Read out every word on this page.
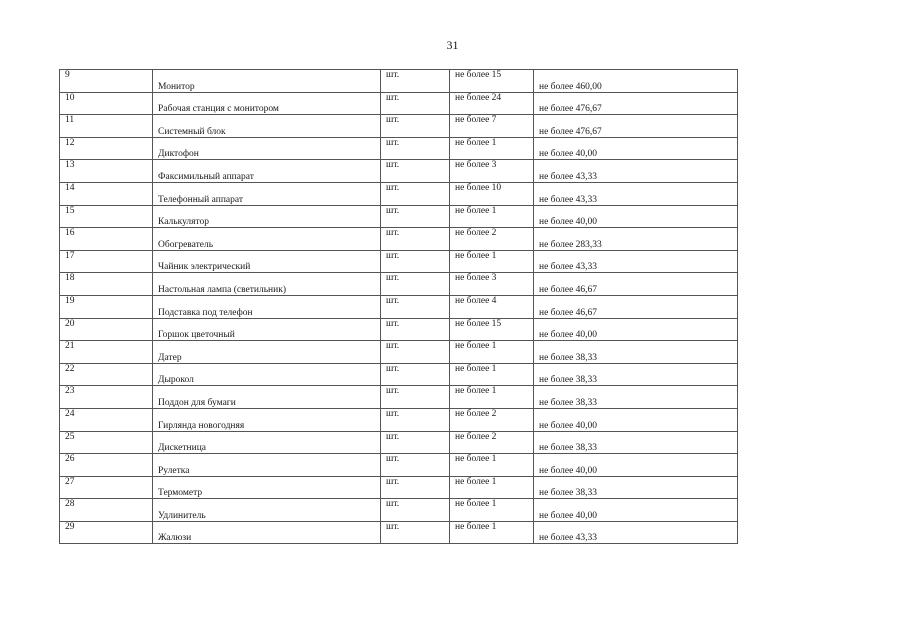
31
9	Монитор	шт.	не более 15	не более 460,00
10	Рабочая станция с монитором	шт.	не более 24	не более 476,67
11	Системный блок	шт.	не более 7	не более 476,67
12	Диктофон	шт.	не более 1	не более 40,00
13	Факсимильный аппарат	шт.	не более 3	не более 43,33
14	Телефонный аппарат	шт.	не более 10	не более 43,33
15	Калькулятор	шт.	не более 1	не более 40,00
16	Обогреватель	шт.	не более 2	не более 283,33
17	Чайник электрический	шт.	не более 1	не более 43,33
18	Настольная лампа (светильник)	шт.	не более 3	не более 46,67
19	Подставка под телефон	шт.	не более 4	не более 46,67
20	Горшок цветочный	шт.	не более 15	не более 40,00
21	Датер	шт.	не более 1	не более 38,33
22	Дырокол	шт.	не более 1	не более 38,33
23	Поддон для бумаги	шт.	не более 1	не более 38,33
24	Гирлянда новогодняя	шт.	не более 2	не более 40,00
25	Дискетница	шт.	не более 2	не более 38,33
26	Рулетка	шт.	не более 1	не более 40,00
27	Термометр	шт.	не более 1	не более 38,33
28	Удлинитель	шт.	не более 1	не более 40,00
29	Жалюзи	шт.	не более 1	не более 43,33
